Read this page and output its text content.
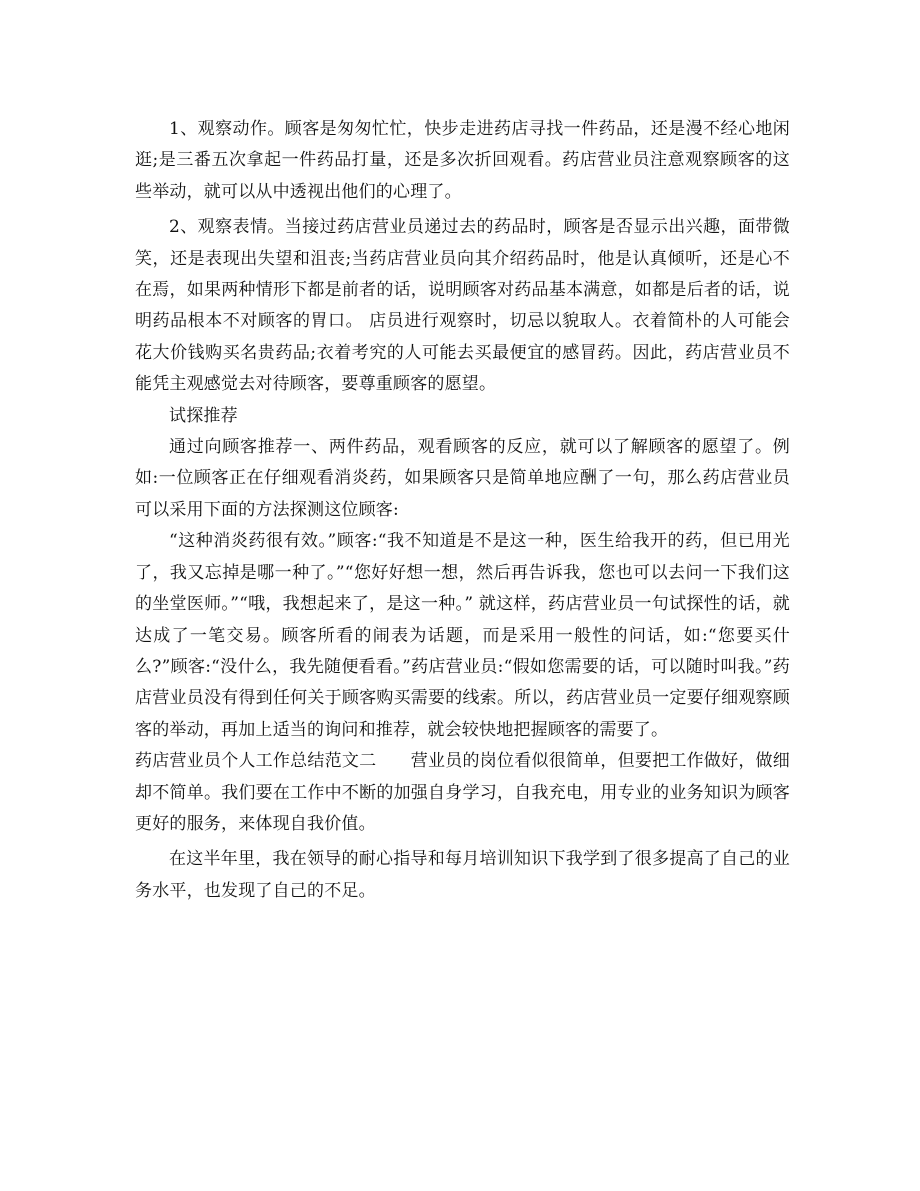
1、观察动作。顾客是匆匆忙忙，快步走进药店寻找一件药品，还是漫不经心地闲逛;是三番五次拿起一件药品打量，还是多次折回观看。药店营业员注意观察顾客的这些举动，就可以从中透视出他们的心理了。

2、观察表情。当接过药店营业员递过去的药品时，顾客是否显示出兴趣，面带微笑，还是表现出失望和沮丧;当药店营业员向其介绍药品时，他是认真倾听，还是心不在焉，如果两种情形下都是前者的话，说明顾客对药品基本满意，如都是后者的话，说明药品根本不对顾客的胃口。 店员进行观察时，切忌以貌取人。衣着简朴的人可能会花大价钱购买名贵药品;衣着考究的人可能去买最便宜的感冒药。因此，药店营业员不能凭主观感觉去对待顾客，要尊重顾客的愿望。

试探推荐

通过向顾客推荐一、两件药品，观看顾客的反应，就可以了解顾客的愿望了。例如:一位顾客正在仔细观看消炎药，如果顾客只是简单地应酬了一句，那么药店营业员可以采用下面的方法探测这位顾客:

“这种消炎药很有效。”顾客:“我不知道是不是这一种，医生给我开的药，但已用光了，我又忘掉是哪一种了。”“您好好想一想，然后再告诉我，您也可以去问一下我们这的坐堂医师。”“哦，我想起来了，是这一种。” 就这样，药店营业员一句试探性的话，就达成了一笔交易。顾客所看的闹表为话题，而是采用一般性的问话，如:“您要买什么?”顾客:“没什么，我先随便看看。”药店营业员:“假如您需要的话，可以随时叫我。”药店营业员没有得到任何关于顾客购买需要的线索。所以，药店营业员一定要仔细观察顾客的举动，再加上适当的询问和推荐，就会较快地把握顾客的需要了。

药店营业员个人工作总结范文二　　营业员的岗位看似很简单，但要把工作做好，做细却不简单。我们要在工作中不断的加强自身学习，自我充电，用专业的业务知识为顾客更好的服务，来体现自我价值。

在这半年里，我在领导的耐心指导和每月培训知识下我学到了很多提高了自己的业务水平，也发现了自己的不足。
